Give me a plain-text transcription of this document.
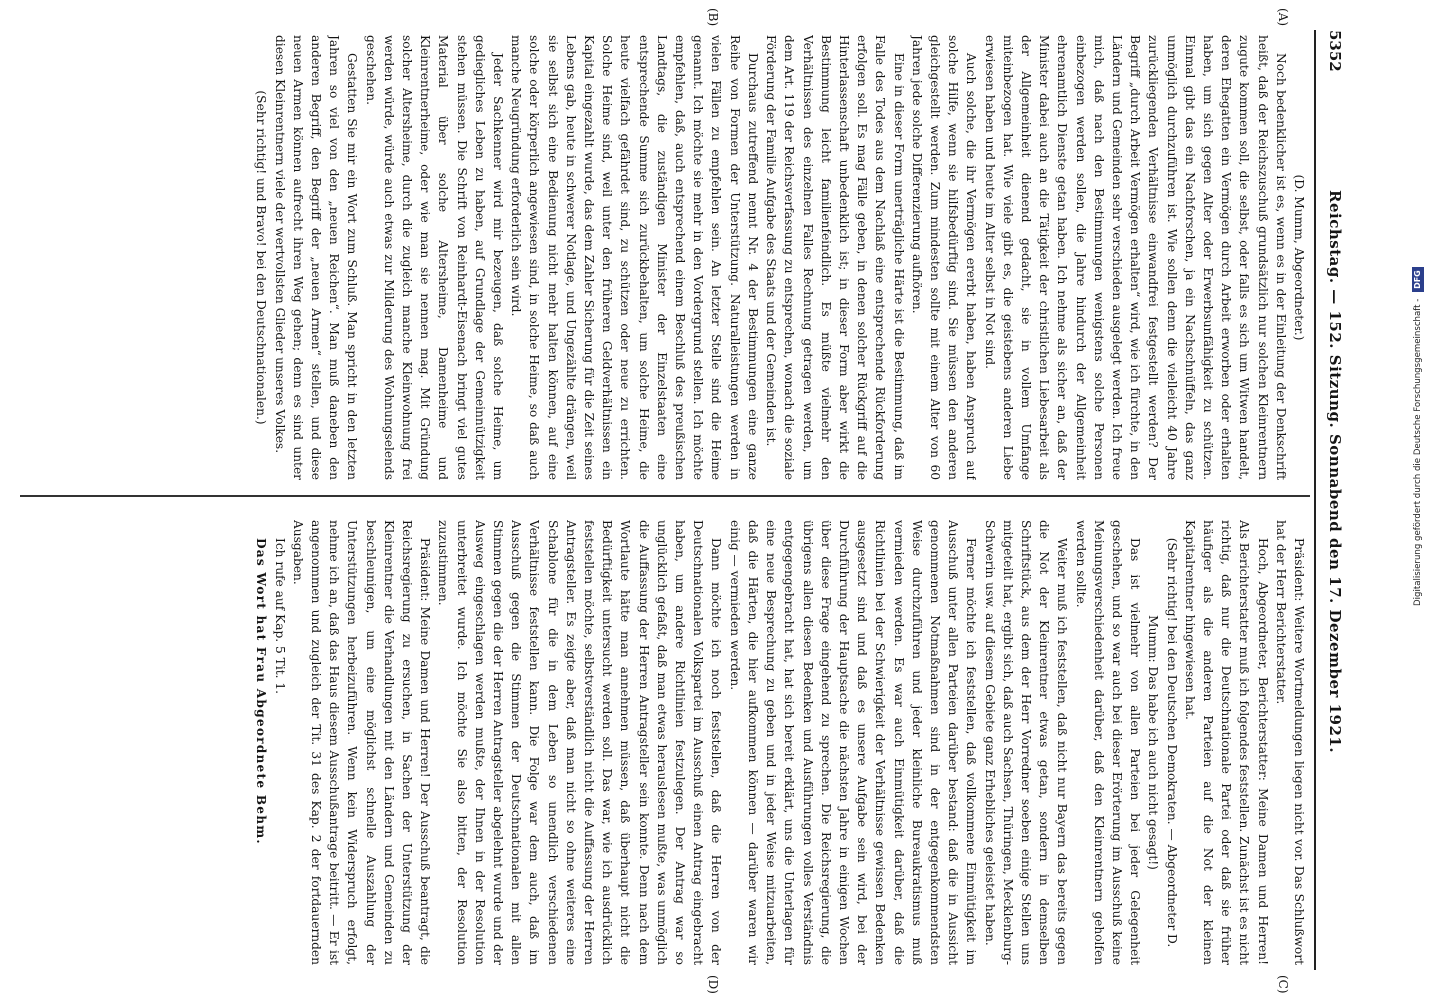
5352
Reichstag. — 152. Sitzung. Sonnabend den 17. Dezember 1921.
(A)
(B)
(C)
(D)

(D. Mumm, Abgeordneter.)

Noch bedenklicher ist es, wenn es in der Einleitung der Denkschrift heißt, daß der Reichszuschuß grundsätzlich nur solchen Kleinrentnern zugute kommen soll, die selbst, oder falls es sich um Witwen handelt, deren Ehegatten ein Vermögen durch Arbeit erworben oder erhalten haben, um sich gegen Alter oder Erwerbsunfähigkeit zu schützen. Einmal gibt das ein Nachforschen, ja ein Nachschnüffeln, das ganz unmöglich durchzuführen ist. Wie sollen denn die vielleicht 40 Jahre zurückliegenden Verhältnisse einwandfrei festgestellt werden? Der Begriff „durch Arbeit Vermögen erhalten“ wird, wie ich fürchte, in den Ländern und Gemeinden sehr verschieden ausgelegt werden. Ich freue mich, daß nach den Bestimmungen wenigstens solche Personen einbezogen werden sollen, die Jahre hindurch der Allgemeinheit ehrenamtlich Dienste getan haben. Ich nehme als sicher an, daß der Minister dabei auch an die Tätigkeit der christlichen Liebesarbeit als der Allgemeinheit dienend gedacht, sie in vollem Umfange miteinbezogen hat. Wie viele gibt es, die geistebens anderen Liebe erwiesen haben und heute im Alter selbst in Not sind.

Auch solche, die ihr Vermögen ererbt haben, haben Anspruch auf solche Hilfe, wenn sie hilfsbedürftig sind. Sie müssen den anderen gleichgestellt werden. Zum mindesten sollte mit einem Alter von 60 Jahren jede solche Differenzierung aufhören.

Eine in dieser Form unerträgliche Härte ist die Bestimmung, daß im Falle des Todes aus dem Nachlaß eine entsprechende Rückforderung erfolgen soll. Es mag Fälle geben, in denen solcher Rückgriff auf die Hinterlassenschaft unbedenklich ist; in dieser Form aber wirkt die Bestimmung leicht familienfeindlich. Es müßte vielmehr den Verhältnissen des einzelnen Falles Rechnung getragen werden, um dem Art. 119 der Reichsverfassung zu entsprechen, wonach die soziale Förderung der Familie Aufgabe des Staats und der Gemeinden ist.

Durchaus zutreffend nennt Nr. 4 der Bestimmungen eine ganze Reihe von Formen der Unterstützung. Naturalleistungen werden in vielen Fällen zu empfehlen sein. An letzter Stelle sind die Heime genannt. Ich möchte sie mehr in den Vordergrund stellen. Ich möchte empfehlen, daß, auch entsprechend einem Beschluß des preußischen Landtags, die zuständigen Minister der Einzelstaaten eine entsprechende Summe sich zurückbehalten, um solche Heime, die heute vielfach gefährdet sind, zu schützen oder neue zu errichten. Solche Heime sind, weil unter den früheren Geldverhältnissen ein Kapital eingezahlt wurde, das dem Zahler Sicherung für die Zeit seines Lebens gab, heute in schwerer Notlage, und Ungezählte drängen, weil sie selbst sich eine Bedienung nicht mehr halten können, auf eine solche oder körperlich angewiesen sind, in solche Heime, so daß auch manche Neugründung erforderlich sein wird.

Jeder Sachkenner wird mir bezeugen, daß solche Heime, um gediegliches Leben zu haben, auf Grundlage der Gemeinnützigkeit stehen müssen. Die Schrift von Reinhardt-Eisenach bringt viel gutes Material über solche Altersheime, Damenheime und Kleinrentnerheime, oder wie man sie nennen mag. Mit Gründung solcher Altersheime, durch die zugleich manche Kleinwohnung frei werden würde, würde auch etwas zur Milderung des Wohnungselends geschehen.

Gestatten Sie mir ein Wort zum Schluß. Man spricht in den letzten Jahren so viel von den „neuen Reichen“. Man muß daneben den anderen Begriff, den Begriff der „neuen Armen“ stellen, und diese neuen Armen können aufrecht ihren Weg gehen; denn es sind unter diesen Kleinrentnern viele der wertvollsten Glieder unseres Volkes.

(Sehr richtig! und Bravo! bei den Deutschnationalen.)

Präsident: Weitere Wortmeldungen liegen nicht vor. Das Schlußwort hat der Herr Berichterstatter.

Hoch, Abgeordneter, Berichterstatter: Meine Damen und Herren! Als Berichterstatter muß ich folgendes feststellen. Zunächst ist es nicht richtig, daß nur die Deutschnationale Partei oder daß sie früher häufiger als die anderen Parteien auf die Not der kleinen Kapitalrentner hingewiesen hat.

(Sehr richtig! bei den Deutschen Demokraten. — Abgeordneter D. Mumm: Das habe ich auch nicht gesagt!)

Das ist vielmehr von allen Parteien bei jeder Gelegenheit geschehen, und so war auch bei dieser Erörterung im Ausschuß keine Meinungsverschiedenheit darüber, daß den Kleinrentnern geholfen werden sollte.

Weiter muß ich feststellen, daß nicht nur Bayern das bereits gegen die Not der Kleinrentner etwas getan, sondern in demselben Schriftstück, aus dem der Herr Vorredner soeben einige Stellen uns mitgeteilt hat, ergibt sich, daß auch Sachsen, Thüringen, Mecklenburg-Schwerin usw. auf diesem Gebiete ganz Erhebliches geleistet haben.

Ferner möchte ich feststellen, daß vollkommene Einmütigkeit im Ausschuß unter allen Parteien darüber bestand: daß die in Aussicht genommenen Notmaßnahmen sind in der entgegenkommendsten Weise durchzuführen und jeder kleinliche Bureaukratismus muß vermieden werden. Es war auch Einmütigkeit darüber, daß die Richtlinien bei der Schwierigkeit der Verhältnisse gewissen Bedenken ausgesetzt sind und daß es unsere Aufgabe sein wird, bei der Durchführung der Hauptsache die nächsten Jahre in einigen Wochen über diese Frage eingehend zu sprechen. Die Reichsregierung, die übrigens allen diesen Bedenken und Ausführungen volles Verständnis entgegengebracht hat, hat sich bereit erklärt, uns die Unterlagen für eine neue Besprechung zu geben und in jeder Weise mitzuarbeiten, daß die Härten, die hier aufkommen können — darüber waren wir einig — vermieden werden.

Dann möchte ich noch feststellen, daß die Herren von der Deutschnationalen Volkspartei im Ausschuß einen Antrag eingebracht haben, um andere Richtlinien festzulegen. Der Antrag war so unglücklich gefaßt, daß man etwas herauslesen mußte, was unmöglich die Auffassung der Herren Antragsteller sein konnte. Denn nach dem Wortlaute hätte man annehmen müssen, daß überhaupt nicht die Bedürftigkeit untersucht werden soll. Das war, wie ich ausdrücklich feststellen möchte, selbstverständlich nicht die Auffassung der Herren Antragsteller. Es zeigte aber, daß man nicht so ohne weiteres eine Schablone für die in dem Leben so unendlich verschiedenen Verhältnisse feststellen kann. Die Folge war dem auch, daß im Ausschuß gegen die Stimmen der Deutschnationalen mit allen Stimmen gegen die der Herren Antragsteller abgelehnt wurde und der Ausweg eingeschlagen werden mußte, der Ihnen in der Resolution unterbreitet wurde. Ich möchte Sie also bitten, der Resolution zuzustimmen.

Präsident: Meine Damen und Herren! Der Ausschuß beantragt, die Reichsregierung zu ersuchen, in Sachen der Unterstützung der Kleinrentner die Verhandlungen mit den Ländern und Gemeinden zu beschleunigen, um eine möglichst schnelle Auszahlung der Unterstützungen herbeizuführen. Wenn kein Widerspruch erfolgt, nehme ich an, daß das Haus diesem Ausschußantrage beitritt. — Er ist angenommen und zugleich der Tit. 31 des Kap. 2 der fortdauernden Ausgaben.

Ich rufe auf Kap. 5 Tit. 1.

Das Wort hat Frau Abgeordnete Behm.

Digitalisierung gefördert durch die Deutsche Forschungsgemeinschaft - DFG
